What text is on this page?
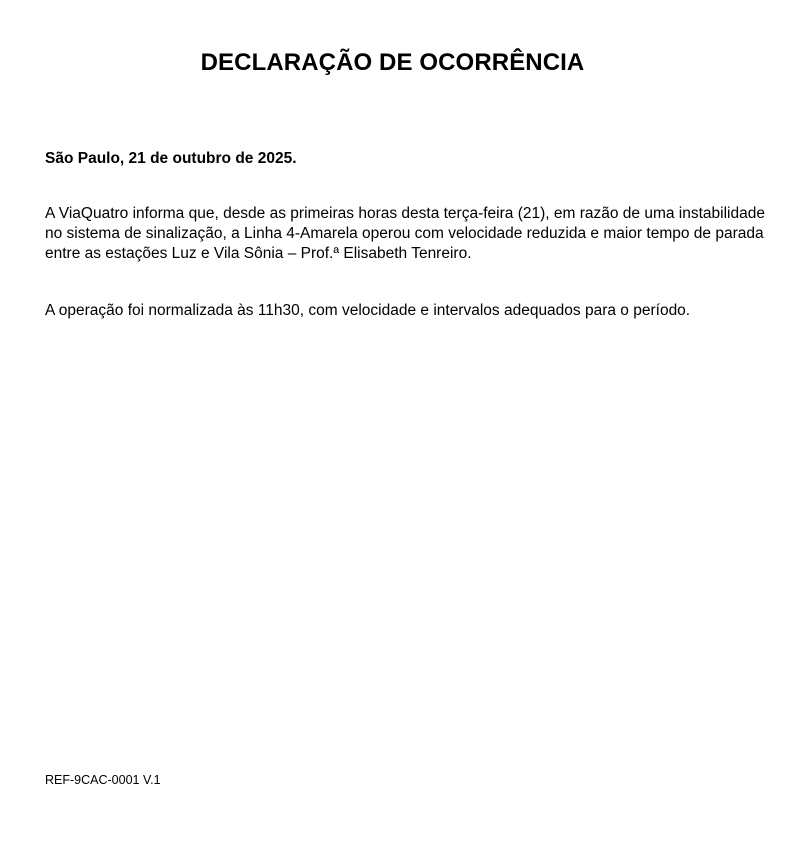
DECLARAÇÃO DE OCORRÊNCIA

São Paulo, 21 de outubro de 2025.

A ViaQuatro informa que, desde as primeiras horas desta terça-feira (21), em razão de uma instabilidade no sistema de sinalização, a Linha 4-Amarela operou com velocidade reduzida e maior tempo de parada entre as estações Luz e Vila Sônia – Prof.ª Elisabeth Tenreiro.

A operação foi normalizada às 11h30, com velocidade e intervalos adequados para o período.

REF-9CAC-0001 V.1
